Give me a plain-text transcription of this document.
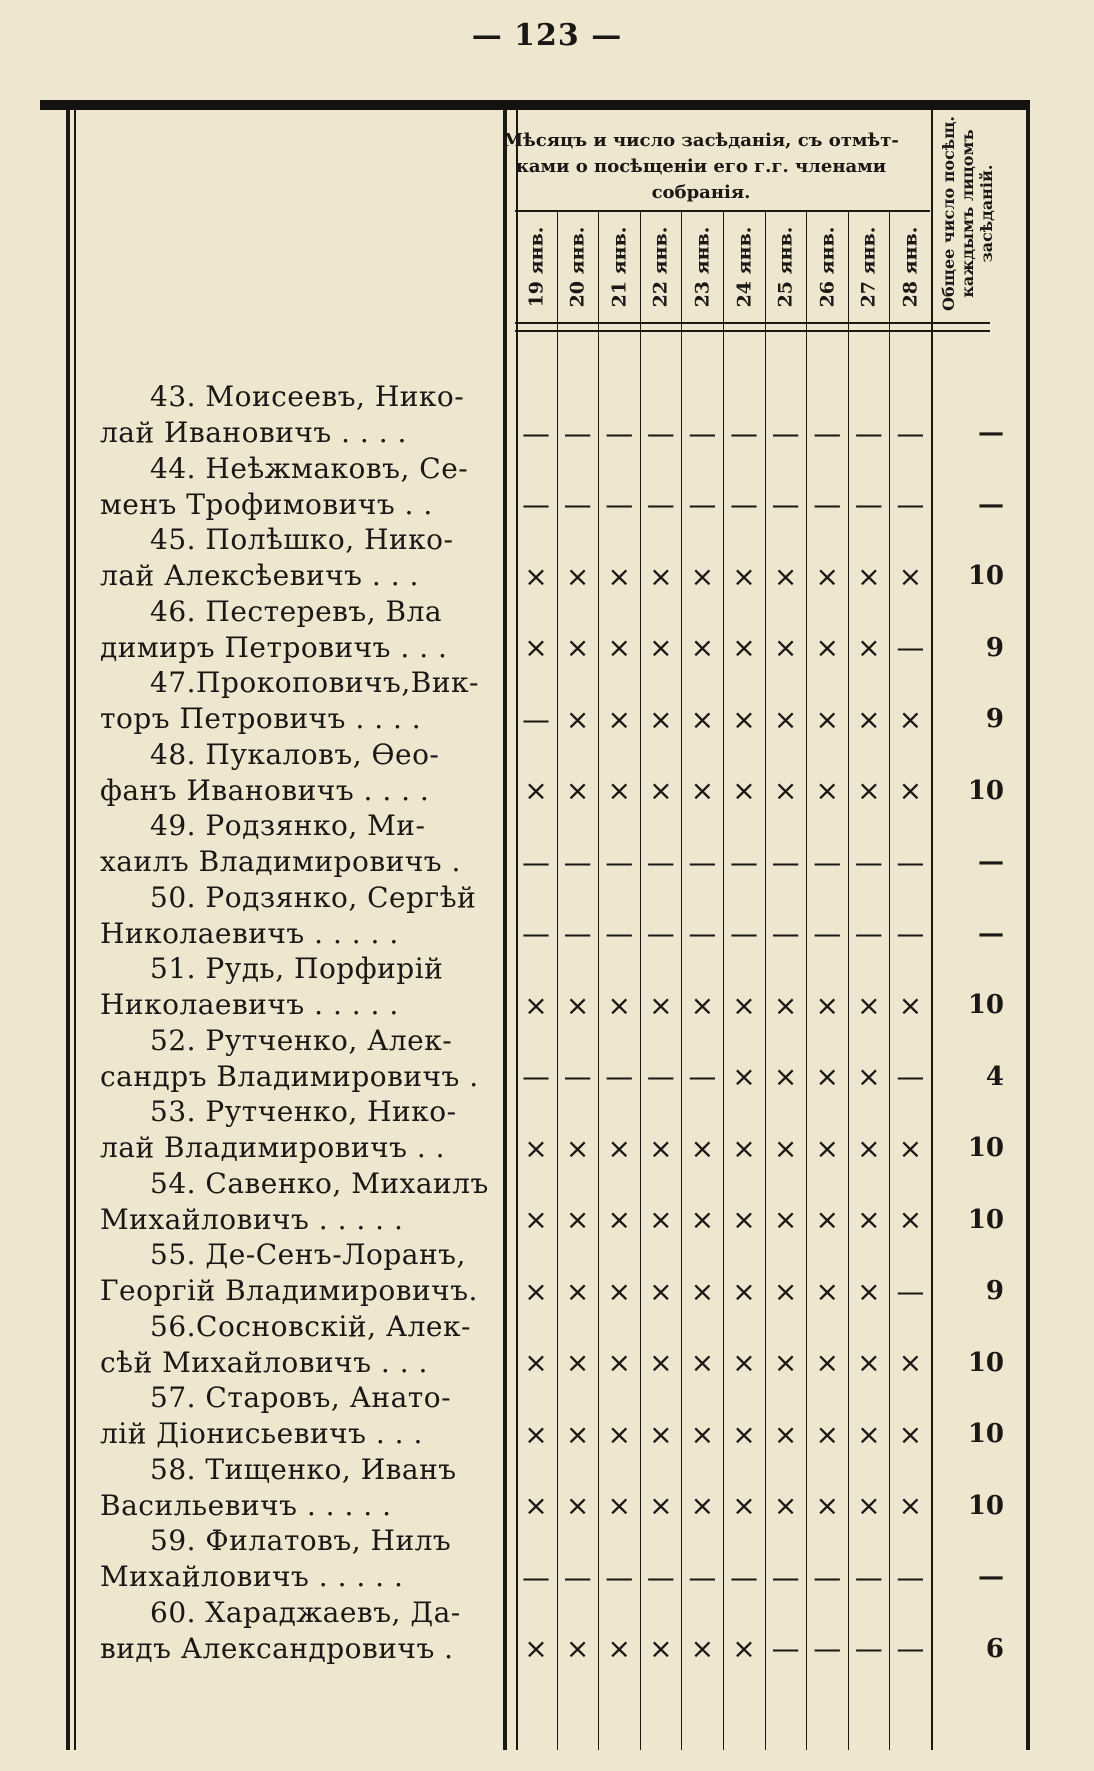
— 123 —
Мѣсяцъ и число засѣданія, съ отмѣт-
ками о посѣщеніи его г.г. членами
собранія.	Общее число посѣщ. каждымъ лицомъ засѣданій.
19 янв. 20 янв. 21 янв. 22 янв. 23 янв. 24 янв. 25 янв. 26 янв. 27 янв. 28 янв.
43. Моисеевъ, Нико-
лай Ивановичъ . . . .	— — — — — — — — — —	—
44. Неѣжмаковъ, Се-
менъ Трофимовичъ . .	— — — — — — — — — —	—
45. Полѣшко, Нико-
лай Алексѣевичъ . . .	× × × × × × × × × ×	10
46. Пестеревъ, Вла
димиръ Петровичъ . . .	× × × × × × × × × —	9
47.Прокоповичъ,Вик-
торъ Петровичъ . . . .	— × × × × × × × × ×	9
48. Пукаловъ, Ѳео-
фанъ Ивановичъ . . . .	× × × × × × × × × ×	10
49. Родзянко, Ми-
хаилъ Владимировичъ .	— — — — — — — — — —	—
50. Родзянко, Сергѣй
Николаевичъ . . . . .	— — — — — — — — — —	—
51. Рудь, Порфирій
Николаевичъ . . . . .	× × × × × × × × × ×	10
52. Рутченко, Алек-
сандръ Владимировичъ .	— — — — — × × × × —	4
53. Рутченко, Нико-
лай Владимировичъ . .	× × × × × × × × × ×	10
54. Савенко, Михаилъ
Михайловичъ . . . . .	× × × × × × × × × ×	10
55. Де-Сенъ-Лоранъ,
Георгій Владимировичъ.	× × × × × × × × × —	9
56.Сосновскій, Алек-
сѣй Михайловичъ . . .	× × × × × × × × × ×	10
57. Старовъ, Анато-
лій Діонисьевичъ . . .	× × × × × × × × × ×	10
58. Тищенко, Иванъ
Васильевичъ . . . . .	× × × × × × × × × ×	10
59. Филатовъ, Нилъ
Михайловичъ . . . . .	— — — — — — — — — —	—
60. Хараджаевъ, Да-
видъ Александровичъ .	× × × × × × — — — —	6
